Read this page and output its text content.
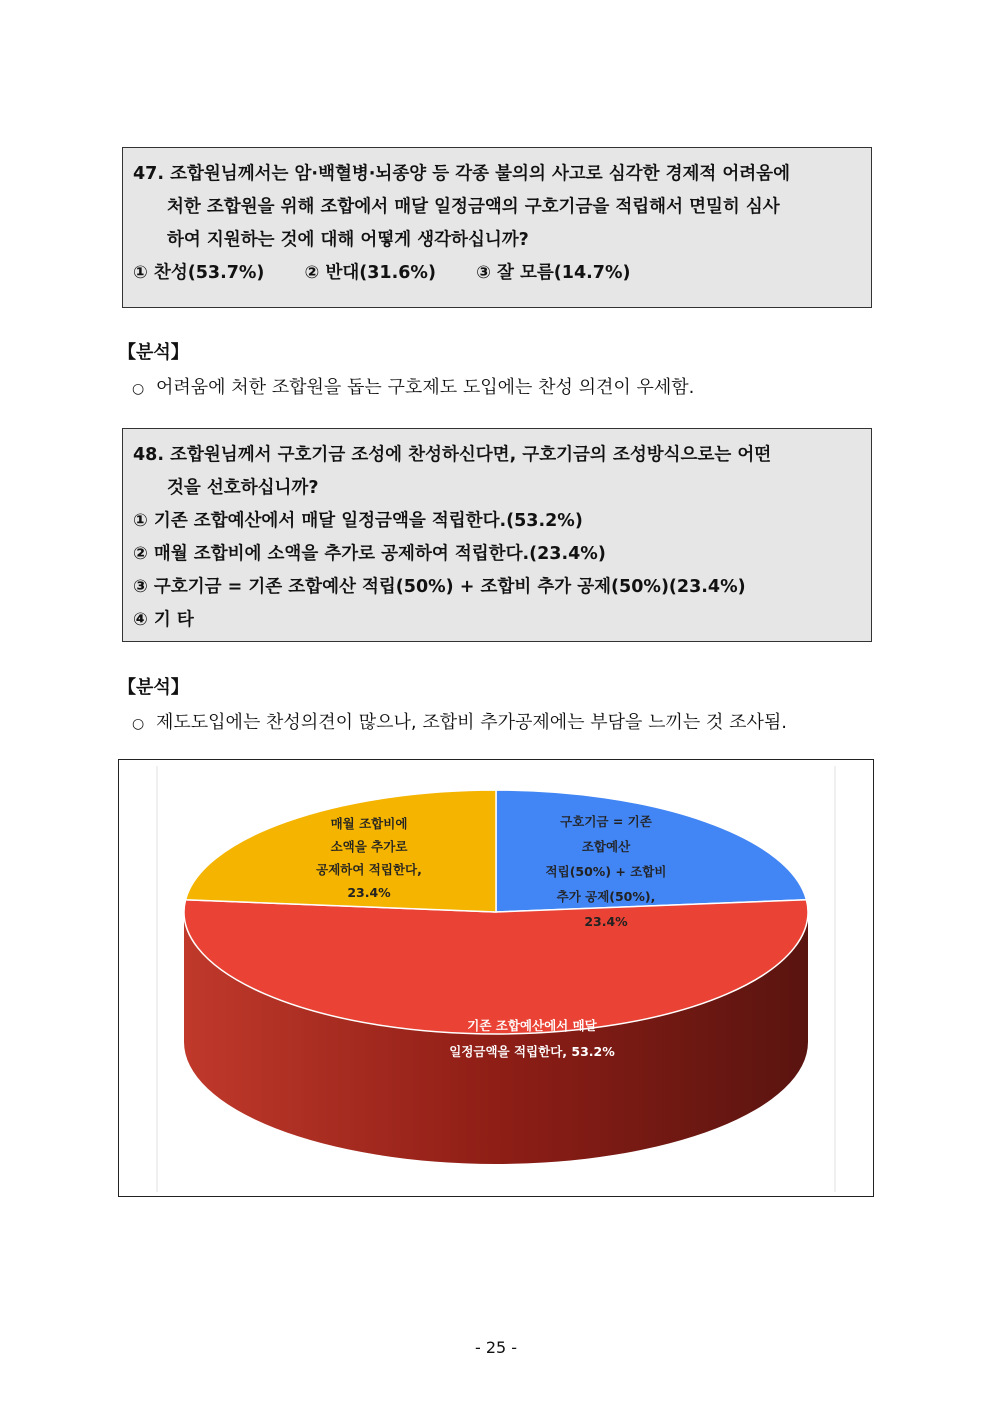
47. 조합원님께서는 암·백혈병·뇌종양 등 각종 불의의 사고로 심각한 경제적 어려움에
처한 조합원을 위해 조합에서 매달 일정금액의 구호기금을 적립해서 면밀히 심사
하여 지원하는 것에 대해 어떻게 생각하십니까?
① 찬성(53.7%) ② 반대(31.6%) ③ 잘 모름(14.7%)
【분석】
○ 어려움에 처한 조합원을 돕는 구호제도 도입에는 찬성 의견이 우세함.
48. 조합원님께서 구호기금 조성에 찬성하신다면, 구호기금의 조성방식으로는 어떤
것을 선호하십니까?
① 기존 조합예산에서 매달 일정금액을 적립한다.(53.2%)
② 매월 조합비에 소액을 추가로 공제하여 적립한다.(23.4%)
③ 구호기금 = 기존 조합예산 적립(50%) + 조합비 추가 공제(50%)(23.4%)
④ 기 타
【분석】
○ 제도도입에는 찬성의견이 많으나, 조합비 추가공제에는 부담을 느끼는 것 조사됨.
구호기금 = 기존 조합예산 적립(50%) + 조합비 추가 공제(50%), 23.4%
기존 조합예산에서 매달 일정금액을 적립한다, 53.2%
매월 조합비에 소액을 추가로 공제하여 적립한다, 23.4%
- 25 -
